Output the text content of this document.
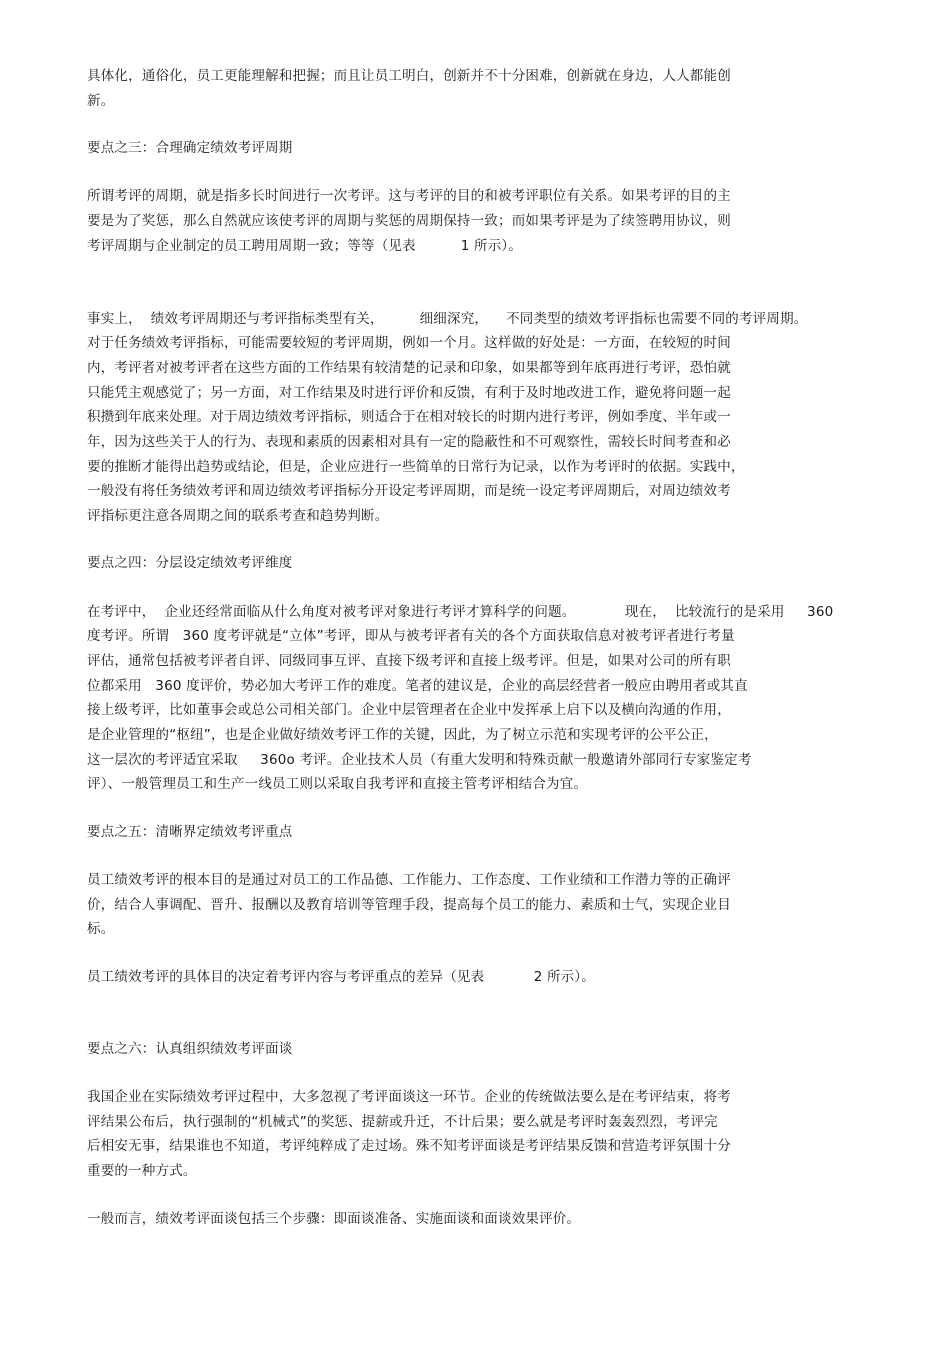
具体化，通俗化，员工更能理解和把握；而且让员工明白，创新并不十分困难，创新就在身边，人人都能创
新。
要点之三：合理确定绩效考评周期
所谓考评的周期，就是指多长时间进行一次考评。这与考评的目的和被考评职位有关系。如果考评的目的主
要是为了奖惩，那么自然就应该使考评的周期与奖惩的周期保持一致；而如果考评是为了续签聘用协议，则
考评周期与企业制定的员工聘用周期一致；等等（见表          1 所示）。
事实上，  绩效考评周期还与考评指标类型有关，        细细深究，    不同类型的绩效考评指标也需要不同的考评周期。
对于任务绩效考评指标，可能需要较短的考评周期，例如一个月。这样做的好处是：一方面，在较短的时间
内，考评者对被考评者在这些方面的工作结果有较清楚的记录和印象，如果都等到年底再进行考评，恐怕就
只能凭主观感觉了；另一方面，对工作结果及时进行评价和反馈，有利于及时地改进工作，避免将问题一起
积攒到年底来处理。对于周边绩效考评指标，则适合于在相对较长的时期内进行考评，例如季度、半年或一
年，因为这些关于人的行为、表现和素质的因素相对具有一定的隐蔽性和不可观察性，需较长时间考查和必
要的推断才能得出趋势或结论，但是，企业应进行一些简单的日常行为记录，以作为考评时的依据。实践中，
一般没有将任务绩效考评和周边绩效考评指标分开设定考评周期，而是统一设定考评周期后，对周边绩效考
评指标更注意各周期之间的联系考查和趋势判断。
要点之四：分层设定绩效考评维度
在考评中，  企业还经常面临从什么角度对被考评对象进行考评才算科学的问题。           现在，  比较流行的是采用     360
度考评。所谓   360 度考评就是“立体”考评，即从与被考评者有关的各个方面获取信息对被考评者进行考量
评估，通常包括被考评者自评、同级同事互评、直接下级考评和直接上级考评。但是，如果对公司的所有职
位都采用   360 度评价，势必加大考评工作的难度。笔者的建议是，企业的高层经营者一般应由聘用者或其直
接上级考评，比如董事会或总公司相关部门。企业中层管理者在企业中发挥承上启下以及横向沟通的作用，
是企业管理的“枢纽”，也是企业做好绩效考评工作的关键，因此，为了树立示范和实现考评的公平公正，
这一层次的考评适宜采取     360o 考评。企业技术人员（有重大发明和特殊贡献一般邀请外部同行专家鉴定考
评）、一般管理员工和生产一线员工则以采取自我考评和直接主管考评相结合为宜。
要点之五：清晰界定绩效考评重点
员工绩效考评的根本目的是通过对员工的工作品德、工作能力、工作态度、工作业绩和工作潜力等的正确评
价，结合人事调配、晋升、报酬以及教育培训等管理手段，提高每个员工的能力、素质和士气，实现企业目
标。
员工绩效考评的具体目的决定着考评内容与考评重点的差异（见表           2 所示）。
要点之六：认真组织绩效考评面谈
我国企业在实际绩效考评过程中，大多忽视了考评面谈这一环节。企业的传统做法要么是在考评结束，将考
评结果公布后，执行强制的“机械式”的奖惩、提薪或升迁，不计后果；要么就是考评时轰轰烈烈，考评完
后相安无事，结果谁也不知道，考评纯粹成了走过场。殊不知考评面谈是考评结果反馈和营造考评氛围十分
重要的一种方式。
一般而言，绩效考评面谈包括三个步骤：即面谈准备、实施面谈和面谈效果评价。
